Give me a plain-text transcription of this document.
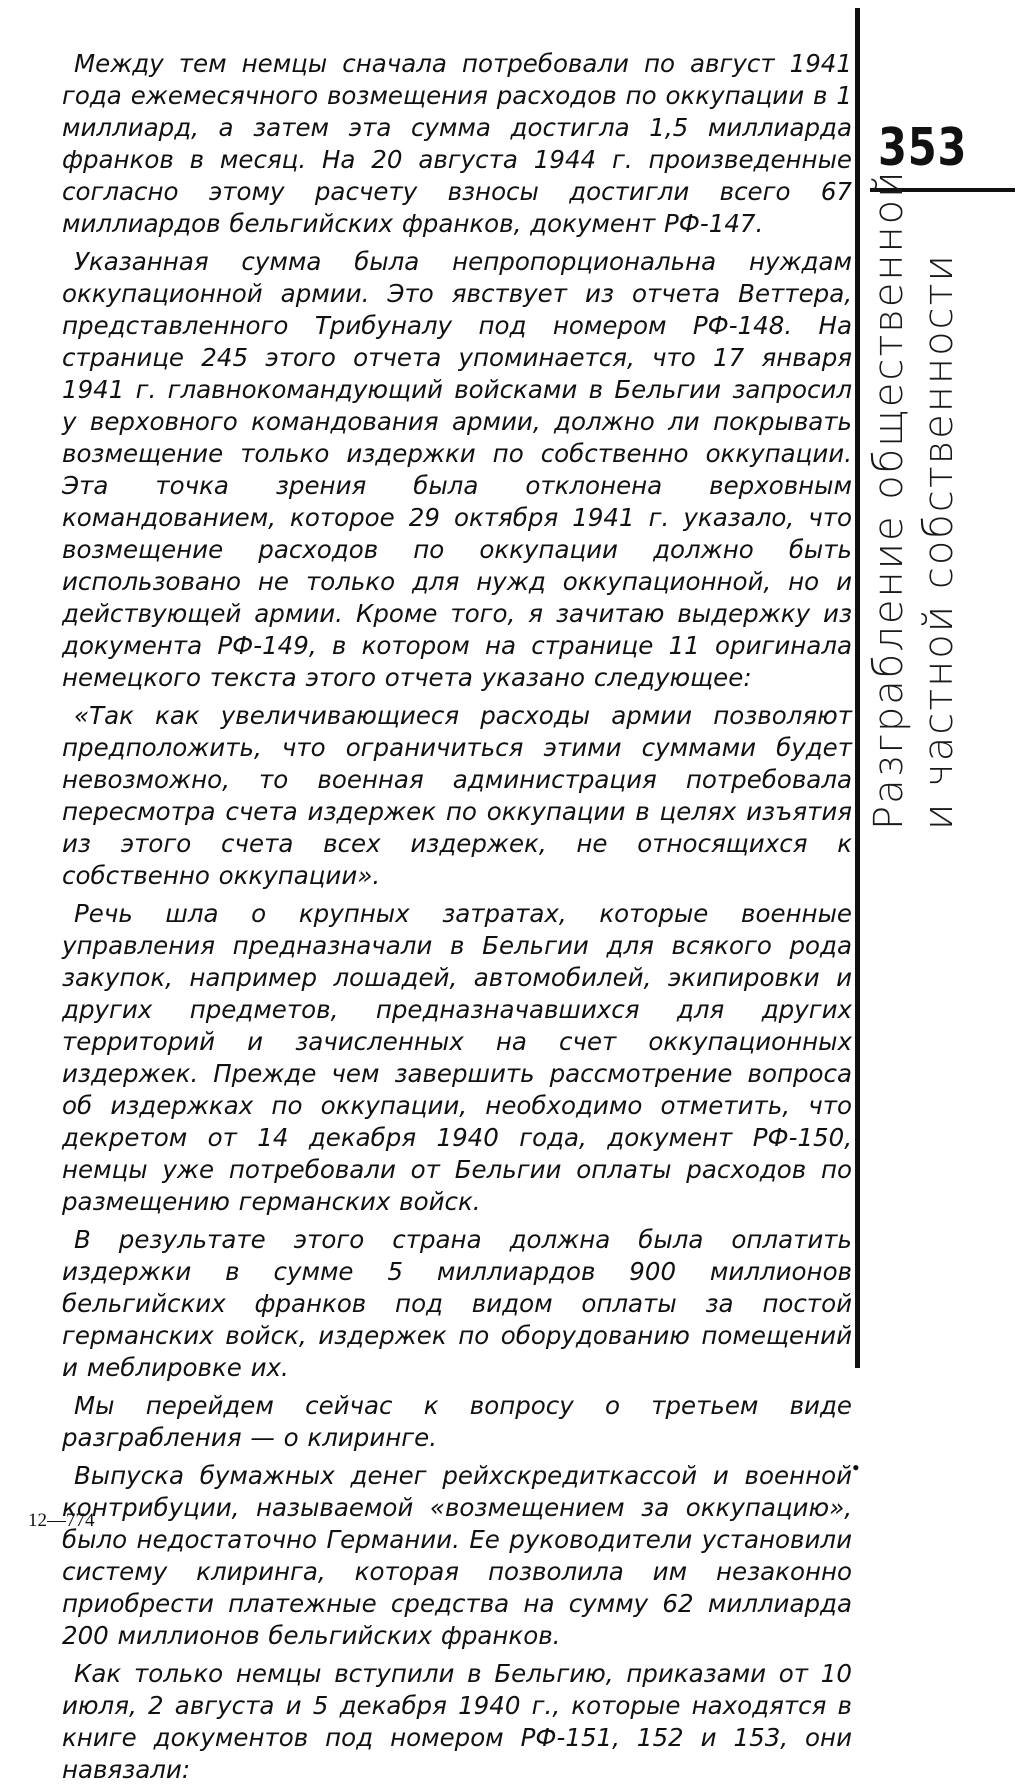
Между тем немцы сначала потребовали по август 1941 года ежемесячного возмещения расходов по оккупации в 1 миллиард, а затем эта сумма достигла 1,5 миллиарда франков в месяц. На 20 августа 1944 г. произведенные согласно этому расчету взносы достигли всего 67 миллиардов бельгийских франков, документ РФ-147.

Указанная сумма была непропорциональна нуждам оккупационной армии. Это явствует из отчета Веттера, представленного Трибуналу под номером РФ-148. На странице 245 этого отчета упоминается, что 17 января 1941 г. главнокомандующий войсками в Бельгии запросил у верховного командования армии, должно ли покрывать возмещение только издержки по собственно оккупации. Эта точка зрения была отклонена верховным командованием, которое 29 октября 1941 г. указало, что возмещение расходов по оккупации должно быть использовано не только для нужд оккупационной, но и действующей армии. Кроме того, я зачитаю выдержку из документа РФ-149, в котором на странице 11 оригинала немецкого текста этого отчета указано следующее:

«Так как увеличивающиеся расходы армии позволяют предположить, что ограничиться этими суммами будет невозможно, то военная администрация потребовала пересмотра счета издержек по оккупации в целях изъятия из этого счета всех издержек, не относящихся к собственно оккупации».

Речь шла о крупных затратах, которые военные управления предназначали в Бельгии для всякого рода закупок, например лошадей, автомобилей, экипировки и других предметов, предназначавшихся для других территорий и зачисленных на счет оккупационных издержек. Прежде чем завершить рассмотрение вопроса об издержках по оккупации, необходимо отметить, что декретом от 14 декабря 1940 года, документ РФ-150, немцы уже потребовали от Бельгии оплаты расходов по размещению германских войск.

В результате этого страна должна была оплатить издержки в сумме 5 миллиардов 900 миллионов бельгийских франков под видом оплаты за постой германских войск, издержек по оборудованию помещений и меблировке их.

Мы перейдем сейчас к вопросу о третьем виде разграбления — о клиринге.

Выпуска бумажных денег рейхскредиткассой и военной контрибуции, называемой «возмещением за оккупацию», было недостаточно Германии. Ее руководители установили систему клиринга, которая позволила им незаконно приобрести платежные средства на сумму 62 миллиарда 200 миллионов бельгийских франков.

Как только немцы вступили в Бельгию, приказами от 10 июля, 2 августа и 5 декабря 1940 г., которые находятся в книге документов под номером РФ-151, 152 и 153, они навязали:

353
Разграбление общественной и частной собственности
•
12—774
